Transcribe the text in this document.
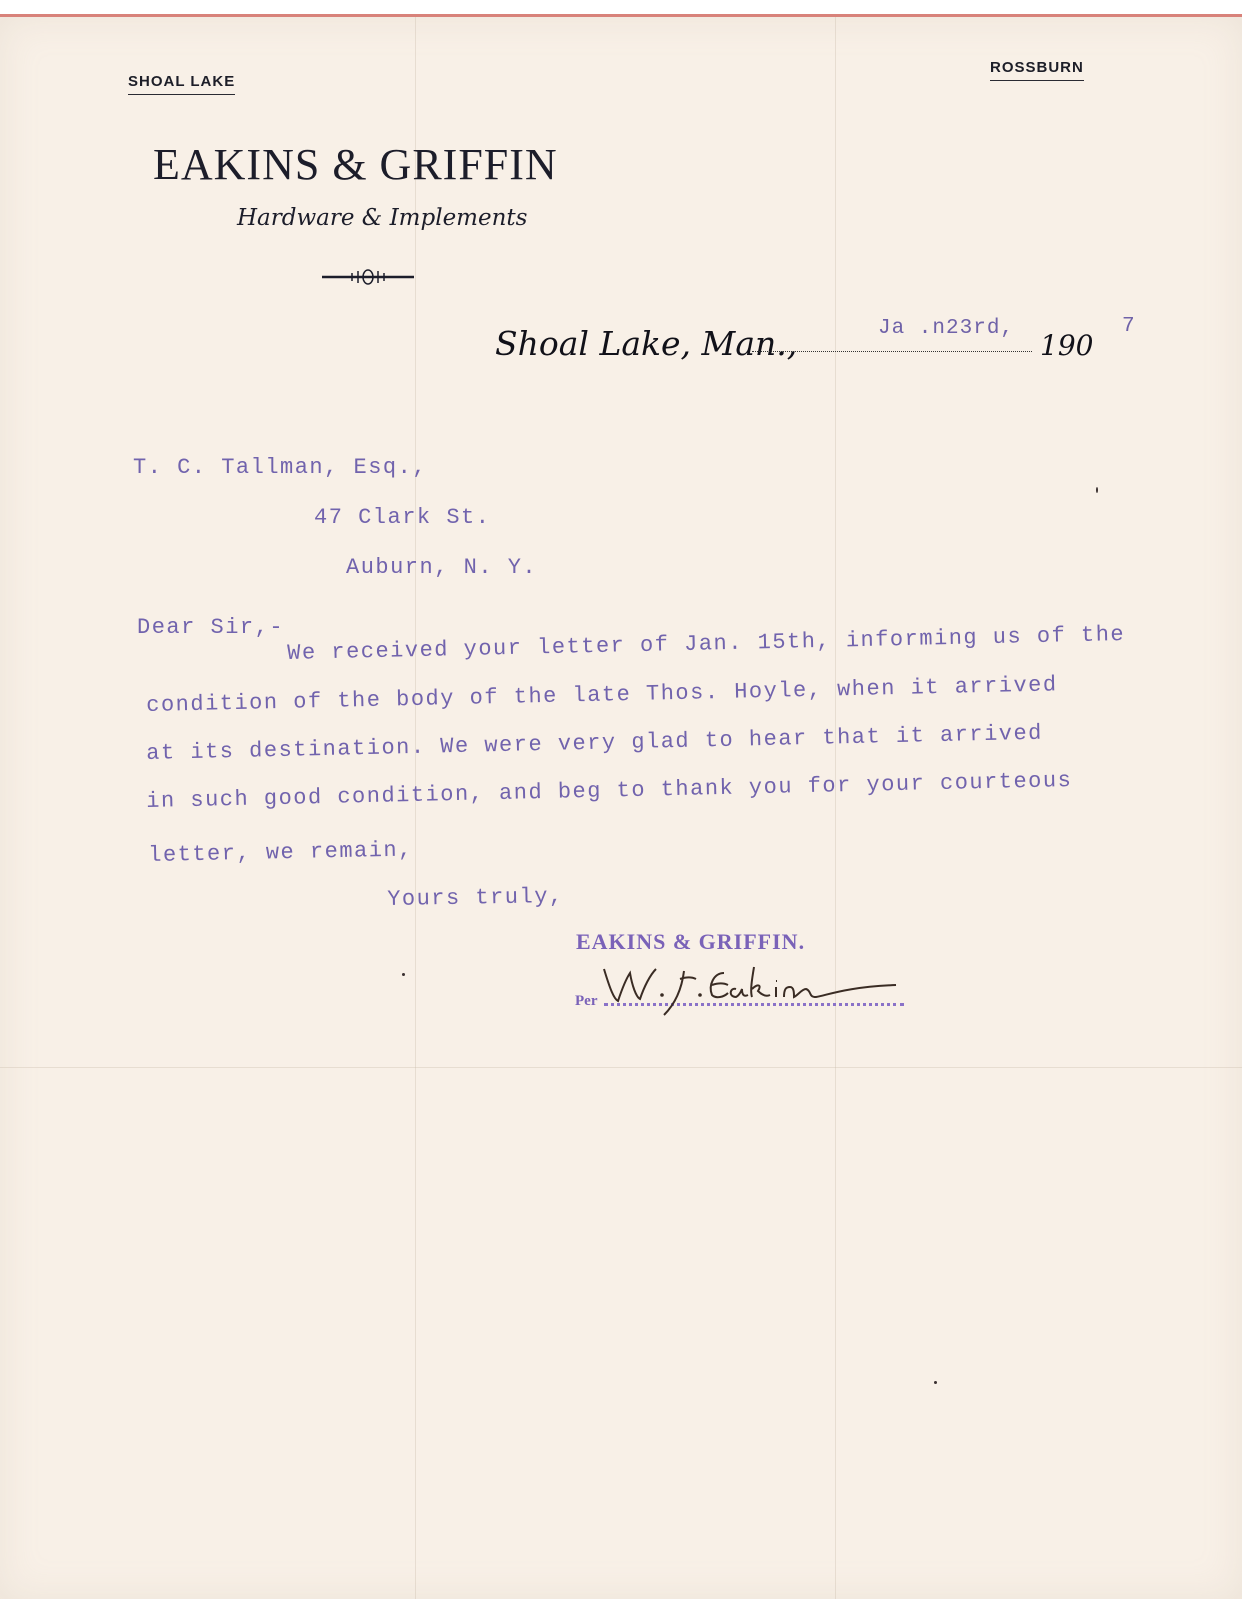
SHOAL LAKE
ROSSBURN
EAKINS & GRIFFIN
Hardware & Implements
Shoal Lake, Man.,	Ja .n23rd,
190
7
T. C. Tallman, Esq.,
47 Clark St.
Auburn, N. Y.
Dear Sir,- We received your letter of Jan. 15th, informing us of the
condition of the body of the late Thos. Hoyle, when it arrived
at its destination. We were very glad to hear that it arrived
in such good condition, and beg to thank you for your courteous
letter, we remain,
Yours truly,
EAKINS & GRIFFIN.
Per
